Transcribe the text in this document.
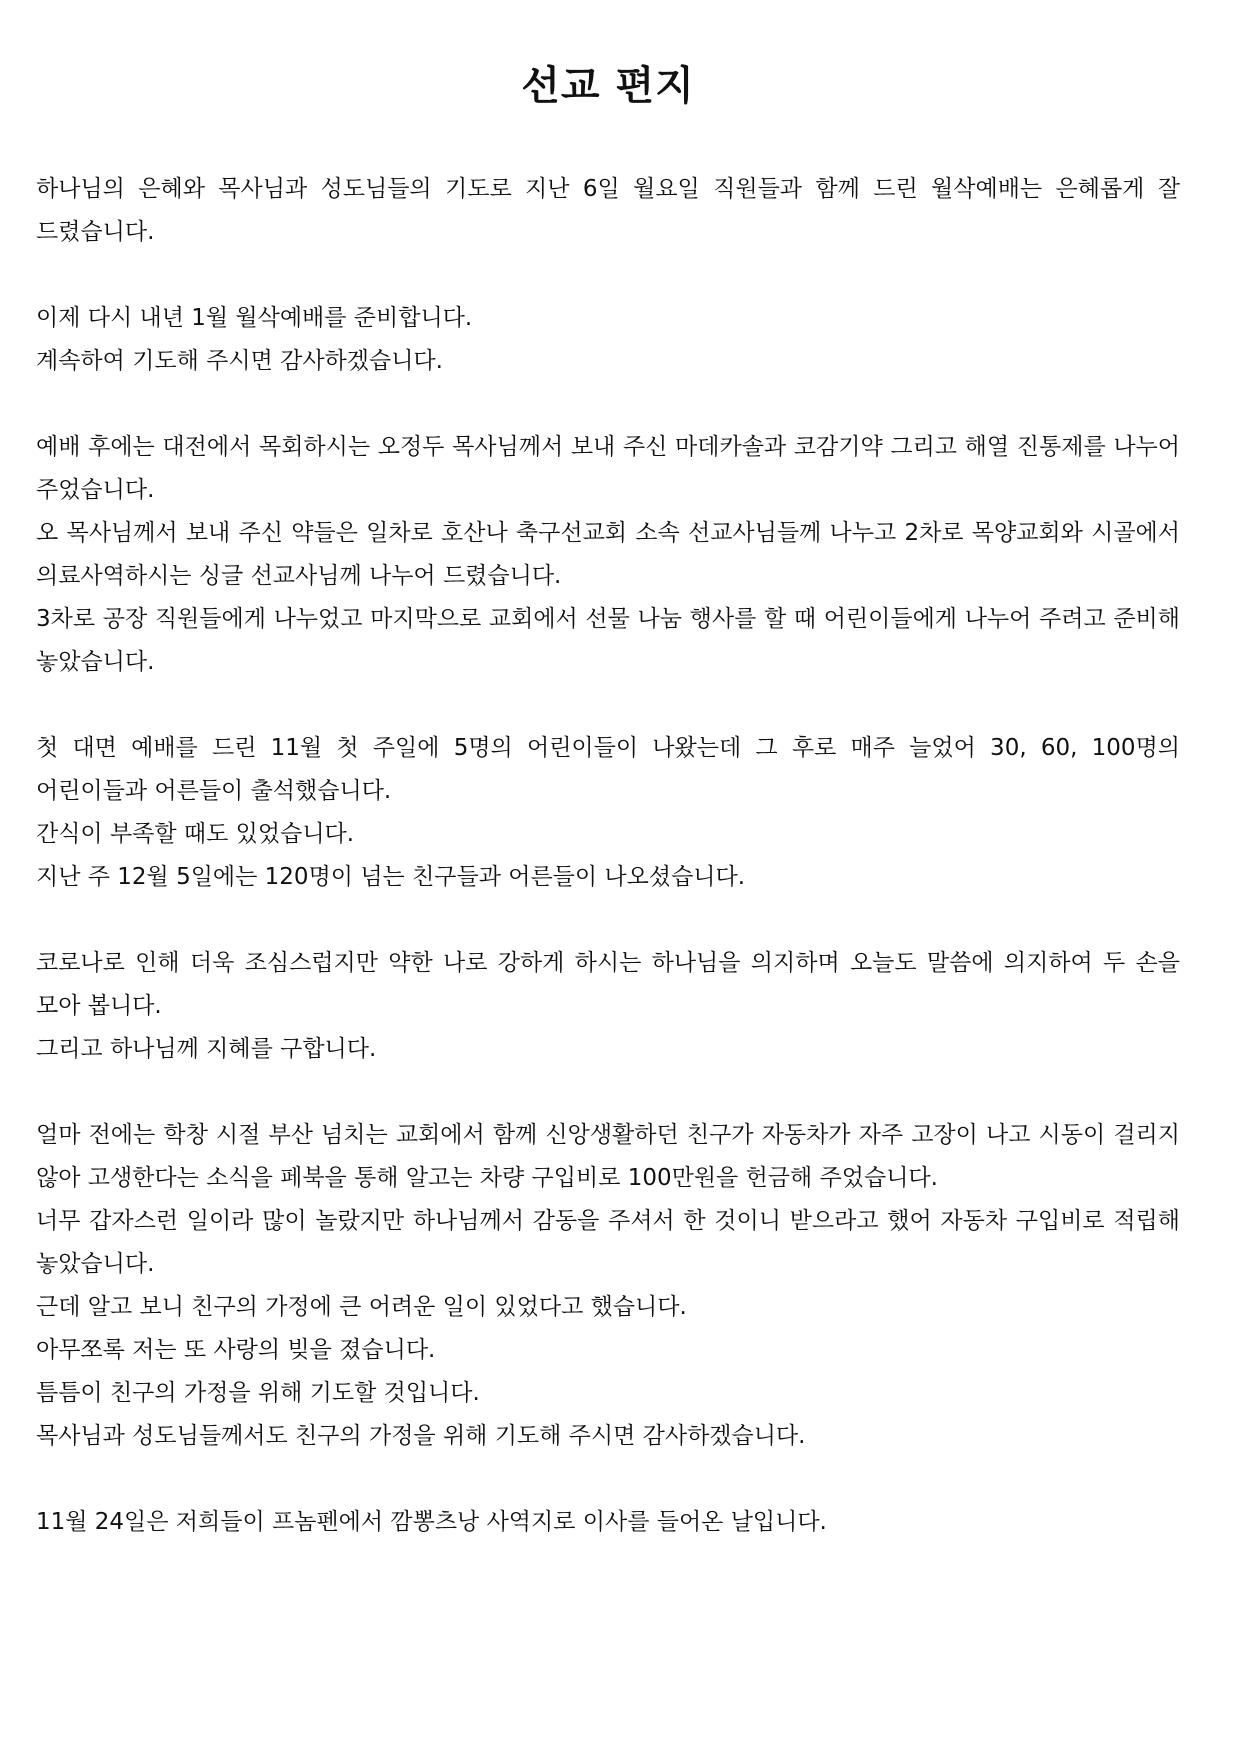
선교 편지

하나님의 은혜와 목사님과 성도님들의 기도로 지난 6일 월요일 직원들과 함께 드린 월삭예배는 은혜롭게 잘 드렸습니다.

이제 다시 내년 1월 월삭예배를 준비합니다.

계속하여 기도해 주시면 감사하겠습니다.

예배 후에는 대전에서 목회하시는 오정두 목사님께서 보내 주신 마데카솔과 코감기약 그리고 해열 진통제를 나누어 주었습니다.

오 목사님께서 보내 주신 약들은 일차로 호산나 축구선교회 소속 선교사님들께 나누고 2차로 목양교회와 시골에서 의료사역하시는 싱글 선교사님께 나누어 드렸습니다.

3차로 공장 직원들에게 나누었고 마지막으로 교회에서 선물 나눔 행사를 할 때 어린이들에게 나누어 주려고 준비해 놓았습니다.

첫 대면 예배를 드린 11월 첫 주일에 5명의 어린이들이 나왔는데 그 후로 매주 늘었어 30, 60, 100명의 어린이들과 어른들이 출석했습니다.

간식이 부족할 때도 있었습니다.

지난 주 12월 5일에는 120명이 넘는 친구들과 어른들이 나오셨습니다.

코로나로 인해 더욱 조심스럽지만 약한 나로 강하게 하시는 하나님을 의지하며 오늘도 말씀에 의지하여 두 손을 모아 봅니다.

그리고 하나님께 지혜를 구합니다.

얼마 전에는 학창 시절 부산 넘치는 교회에서 함께 신앙생활하던 친구가 자동차가 자주 고장이 나고 시동이 걸리지 않아 고생한다는 소식을 페북을 통해 알고는 차량 구입비로 100만원을 헌금해 주었습니다.

너무 갑자스런 일이라 많이 놀랐지만 하나님께서 감동을 주셔서 한 것이니 받으라고 했어 자동차 구입비로 적립해 놓았습니다.

근데 알고 보니 친구의 가정에 큰 어려운 일이 있었다고 했습니다.

아무쪼록 저는 또 사랑의 빚을 졌습니다.

틈틈이 친구의 가정을 위해 기도할 것입니다.

목사님과 성도님들께서도 친구의 가정을 위해 기도해 주시면 감사하겠습니다.

11월 24일은 저희들이 프놈펜에서 깜뽕츠낭 사역지로 이사를 들어온 날입니다.
